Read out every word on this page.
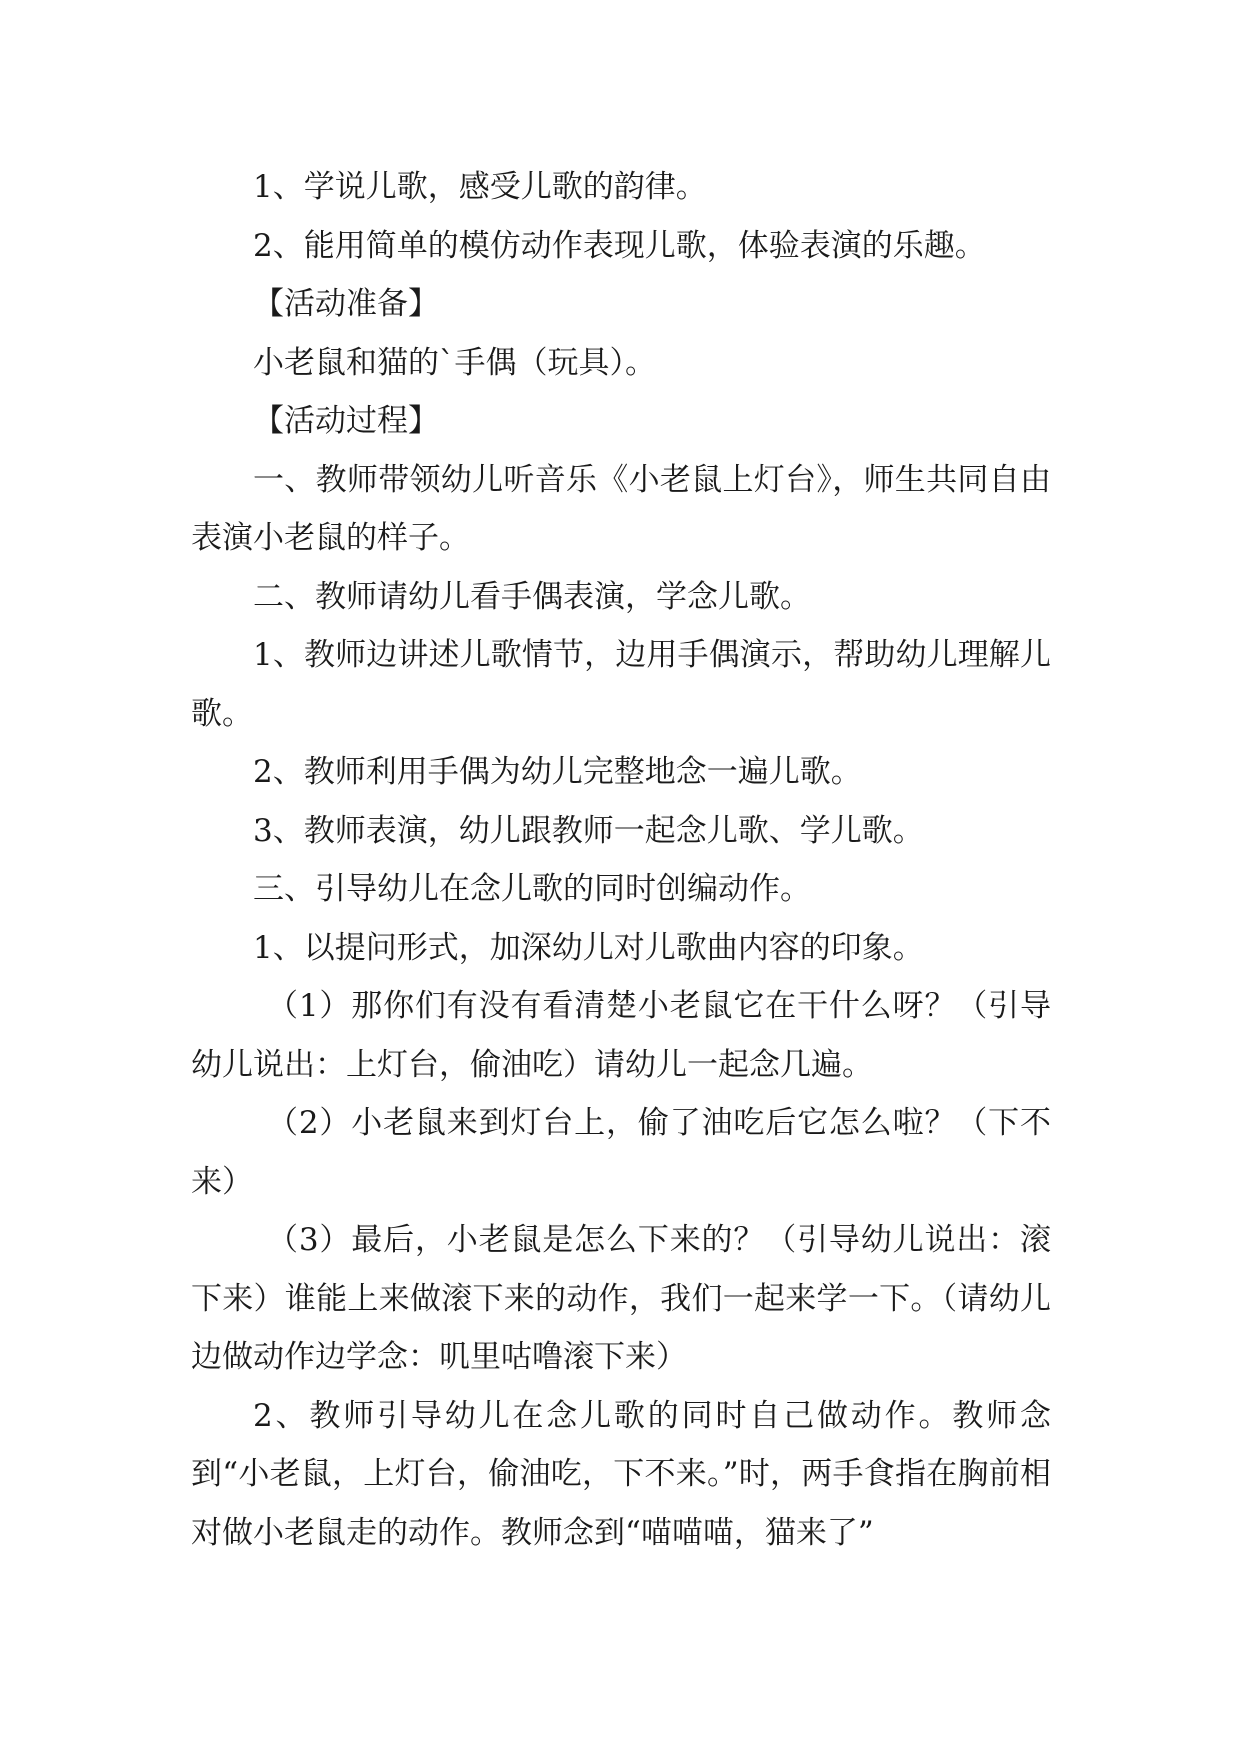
1、学说儿歌，感受儿歌的韵律。

2、能用简单的模仿动作表现儿歌，体验表演的乐趣。

【活动准备】

小老鼠和猫的`手偶（玩具）。

【活动过程】

一、教师带领幼儿听音乐《小老鼠上灯台》，师生共同自由表演小老鼠的样子。

二、教师请幼儿看手偶表演，学念儿歌。

1、教师边讲述儿歌情节，边用手偶演示，帮助幼儿理解儿歌。

2、教师利用手偶为幼儿完整地念一遍儿歌。

3、教师表演，幼儿跟教师一起念儿歌、学儿歌。

三、引导幼儿在念儿歌的同时创编动作。

1、以提问形式，加深幼儿对儿歌曲内容的印象。

（1）那你们有没有看清楚小老鼠它在干什么呀？（引导幼儿说出：上灯台，偷油吃）请幼儿一起念几遍。

（2）小老鼠来到灯台上，偷了油吃后它怎么啦？（下不来）

（3）最后，小老鼠是怎么下来的？（引导幼儿说出：滚下来）谁能上来做滚下来的动作，我们一起来学一下。（请幼儿边做动作边学念：叽里咕噜滚下来）

2、教师引导幼儿在念儿歌的同时自己做动作。教师念到“小老鼠，上灯台，偷油吃，下不来。”时，两手食指在胸前相对做小老鼠走的动作。教师念到“喵喵喵，猫来了”
